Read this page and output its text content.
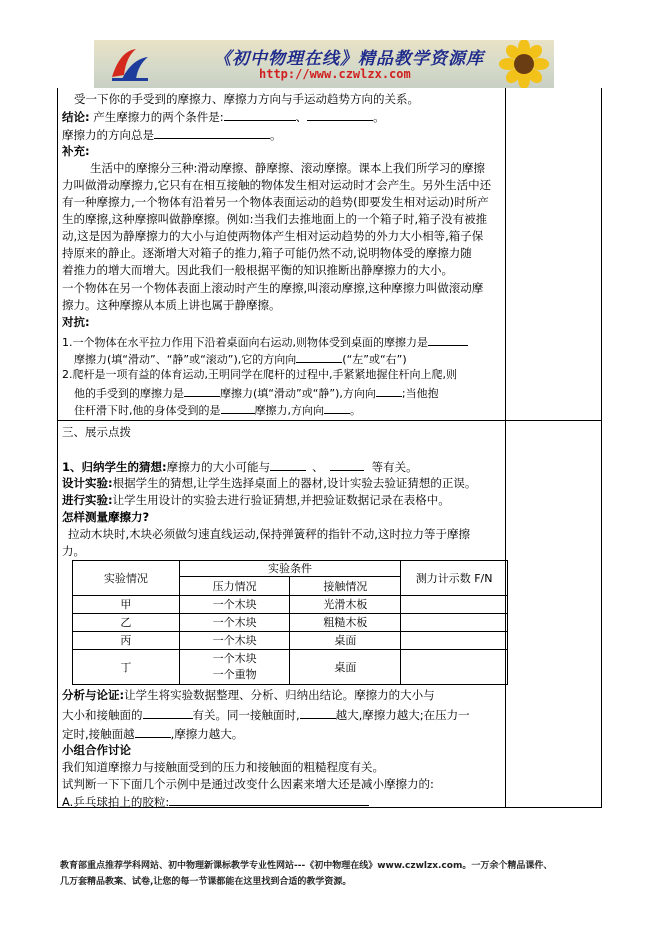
《初中物理在线》精品教学资源库
http://www.czwlzx.com
受一下你的手受到的摩擦力、摩擦力方向与手运动趋势方向的关系。
结论: 产生摩擦力的两个条件是:	、	。
摩擦力的方向总是	。
补充:
生活中的摩擦分三种:滑动摩擦、静摩擦、滚动摩擦。课本上我们所学习的摩擦
力叫做滑动摩擦力,它只有在相互接触的物体发生相对运动时才会产生。另外生活中还
有一种摩擦力,一个物体有沿着另一个物体表面运动的趋势(即要发生相对运动)时所产
生的摩擦,这种摩擦叫做静摩擦。例如:当我们去推地面上的一个箱子时,箱子没有被推
动,这是因为静摩擦力的大小与迫使两物体产生相对运动趋势的外力大小相等,箱子保
持原来的静止。逐渐增大对箱子的推力,箱子可能仍然不动,说明物体受的摩擦力随
着推力的增大而增大。因此我们一般根据平衡的知识推断出静摩擦力的大小。
一个物体在另一个物体表面上滚动时产生的摩擦,叫滚动摩擦,这种摩擦力叫做滚动摩
擦力。这种摩擦从本质上讲也属于静摩擦。
对抗:
1.一个物体在水平拉力作用下沿着桌面向右运动,则物体受到桌面的摩擦力是
摩擦力(填“滑动”、“静”或“滚动”),它的方向向	(“左”或“右”)
2.爬杆是一项有益的体育运动,王明同学在爬杆的过程中,手紧紧地握住杆向上爬,则
他的手受到的摩擦力是	摩擦力(填“滑动”或“静”),方向向 ;当他抱
住杆滑下时,他的身体受到的是	摩擦力,方向向 。
三、展示点拨
1、归纳学生的猜想:摩擦力的大小可能与	、	等有关。
设计实验:根据学生的猜想,让学生选择桌面上的器材,设计实验去验证猜想的正误。
进行实验:让学生用设计的实验去进行验证猜想,并把验证数据记录在表格中。
怎样测量摩擦力?
拉动木块时,木块必须做匀速直线运动,保持弹簧秤的指针不动,这时拉力等于摩擦
力。
实验情况	实验条件		测力计示数 F/N
	压力情况	接触情况	
甲	一个木块	光滑木板	
乙	一个木块	粗糙木板	
丙	一个木块	桌面	
丁	一个木块
一个重物	桌面	
分析与论证:让学生将实验数据整理、分析、归纳出结论。摩擦力的大小与
大小和接触面的	有关。同一接触面时,	越大,摩擦力越大;在压力一
定时,接触面越	,摩擦力越大。
小组合作讨论
我们知道摩擦力与接触面受到的压力和接触面的粗糙程度有关。
试判断一下下面几个示例中是通过改变什么因素来增大还是减小摩擦力的:
A.乒乓球拍上的胶粒:
教育部重点推荐学科网站、初中物理新课标教学专业性网站---《初中物理在线》www.czwlzx.com。一万余个精品课件、
几万套精品教案、试卷,让您的每一节课都能在这里找到合适的教学资源。
